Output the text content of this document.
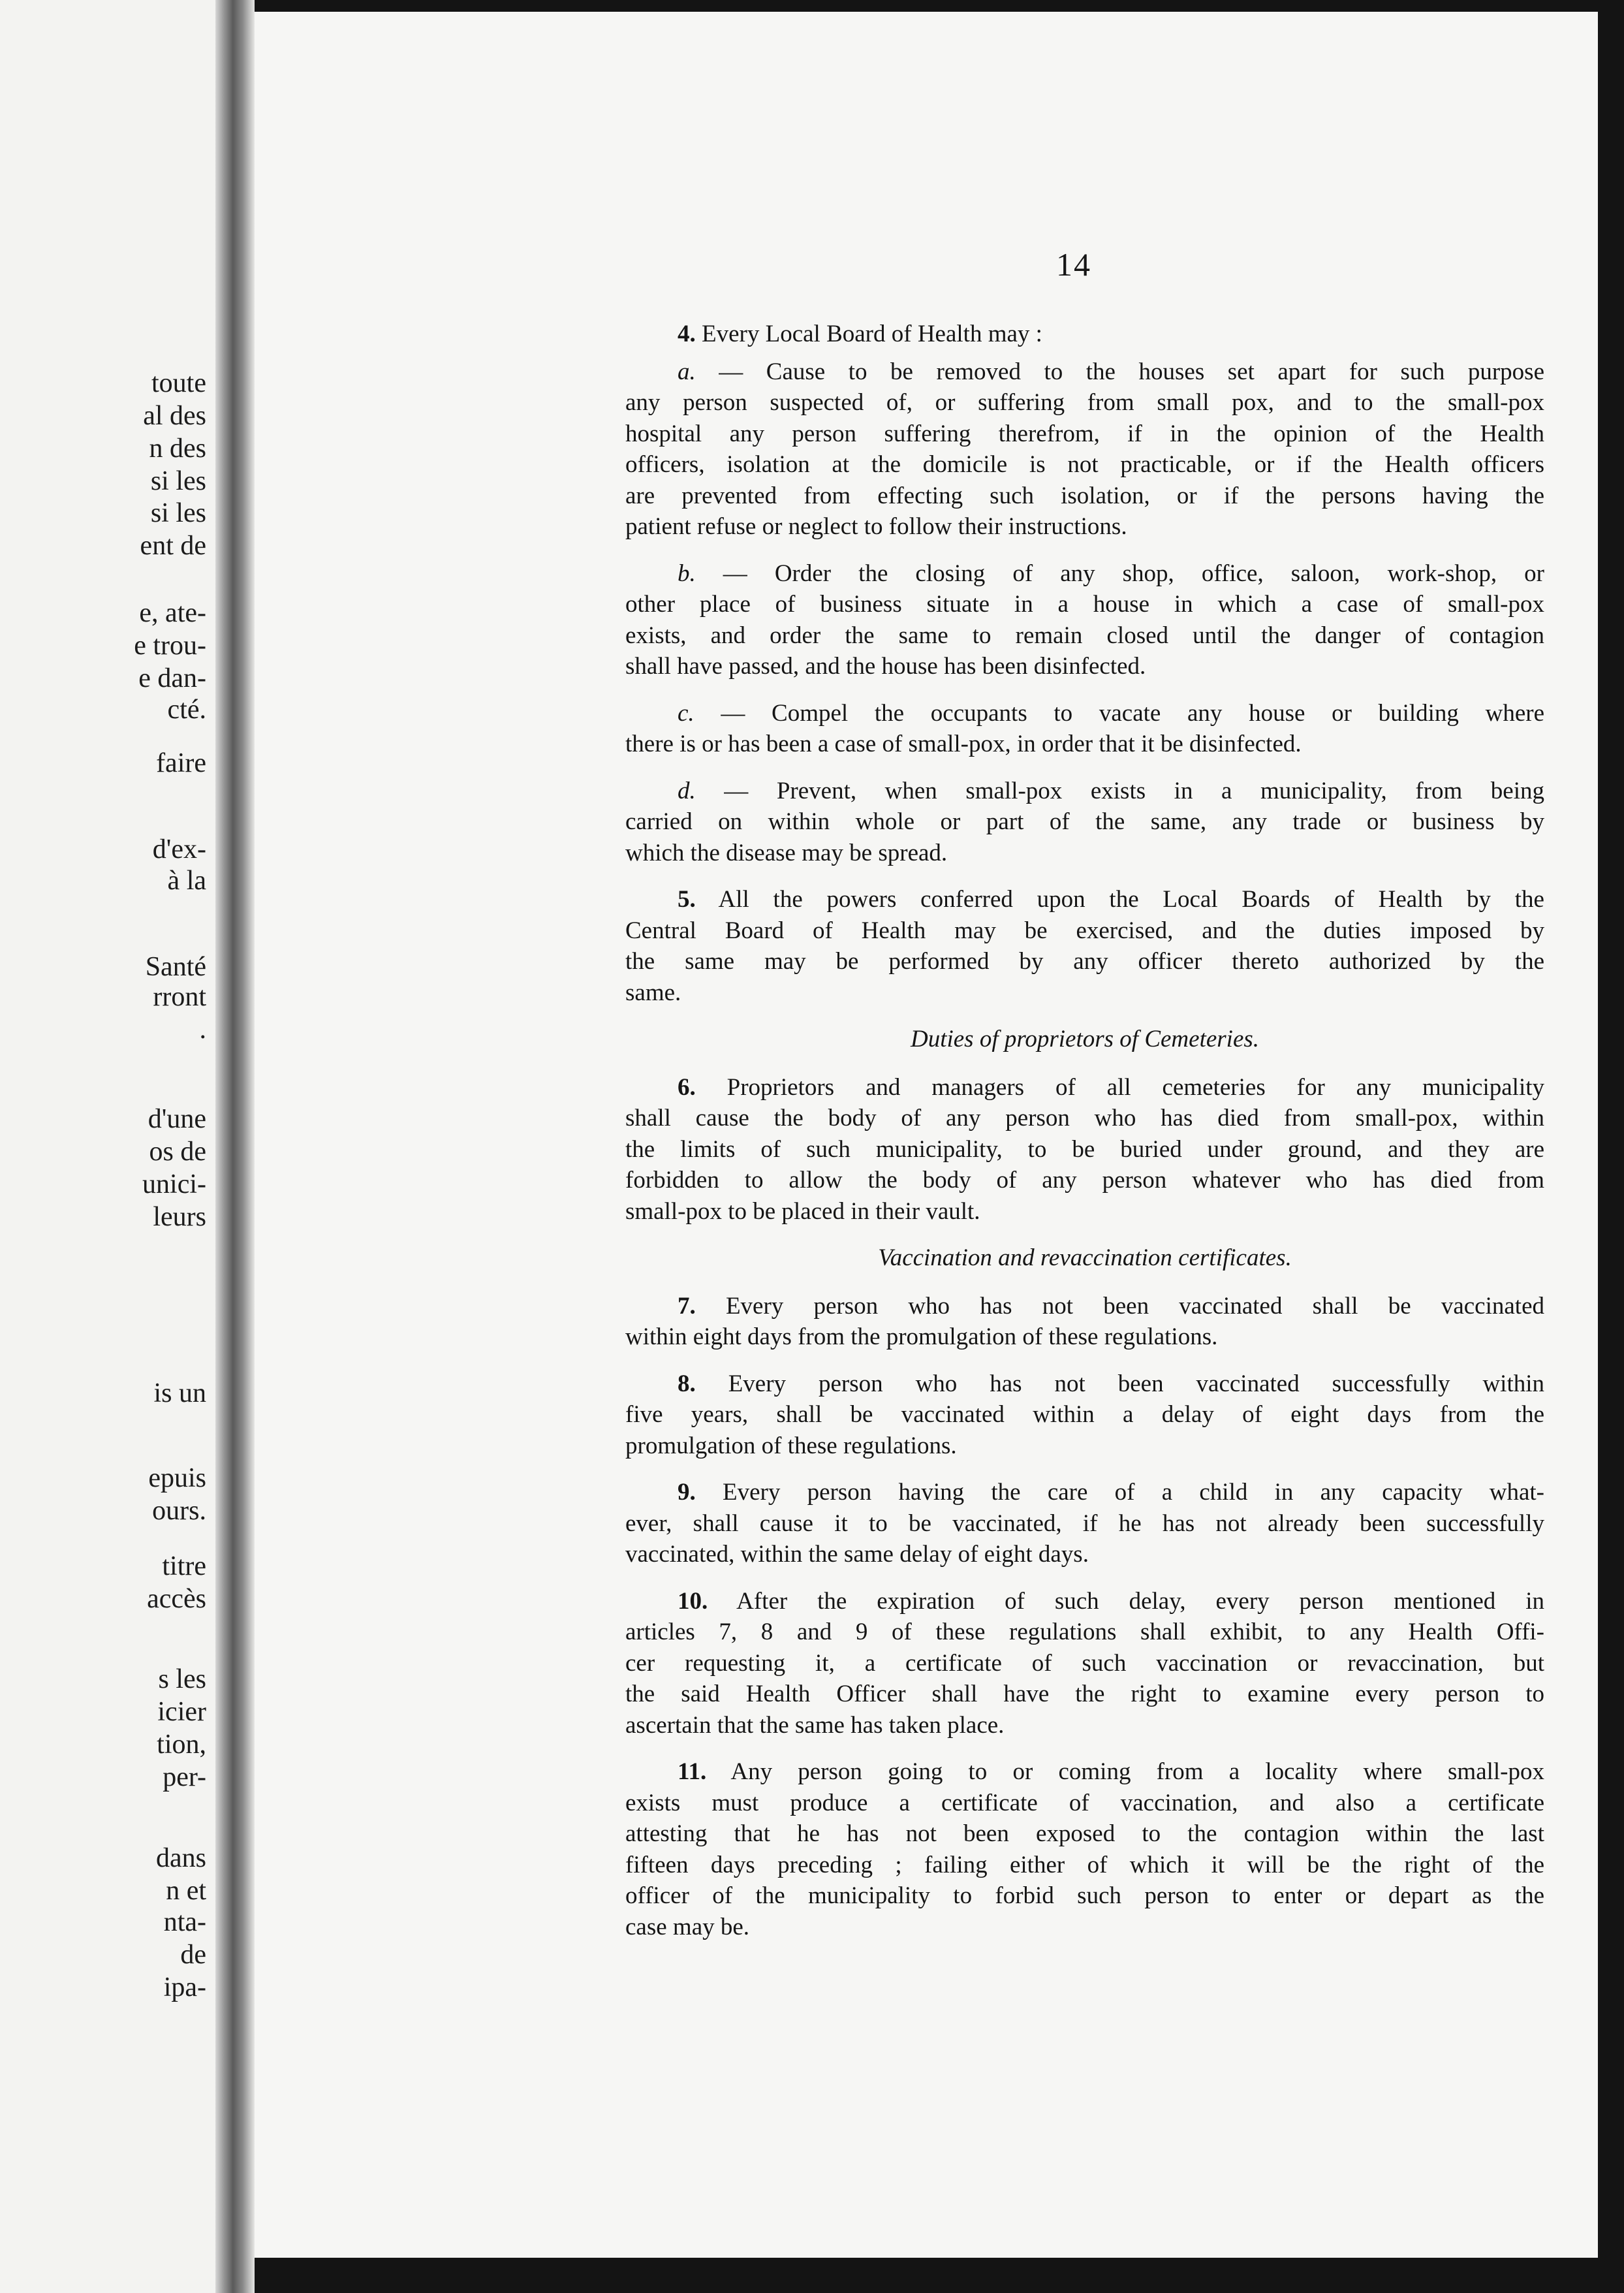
toute
al des
n des
si les
si les
ent de
e, ate-
e trou-
e dan-
cté.
faire
d'ex-
à la
Santé
rront
.
d'une
os de
unici-
leurs
is un
epuis
ours.
titre
accès
s les
icier
tion,
per-
dans
n et
nta-
de
ipa-
14
4. Every Local Board of Health may :
a. — Cause to be removed to the houses set apart for such purpose
any person suspected of, or suffering from small pox, and to the small-pox
hospital any person suffering therefrom, if in the opinion of the Health
officers, isolation at the domicile is not practicable, or if the Health officers
are prevented from effecting such isolation, or if the persons having the
patient refuse or neglect to follow their instructions.
b. — Order the closing of any shop, office, saloon, work-shop, or
other place of business situate in a house in which a case of small-pox
exists, and order the same to remain closed until the danger of contagion
shall have passed, and the house has been disinfected.
c. — Compel the occupants to vacate any house or building where
there is or has been a case of small-pox, in order that it be disinfected.
d. — Prevent, when small-pox exists in a municipality, from being
carried on within whole or part of the same, any trade or business by
which the disease may be spread.
5. All the powers conferred upon the Local Boards of Health by the
Central Board of Health may be exercised, and the duties imposed by
the same may be performed by any officer thereto authorized by the
same.
Duties of proprietors of Cemeteries.
6. Proprietors and managers of all cemeteries for any municipality
shall cause the body of any person who has died from small-pox, within
the limits of such municipality, to be buried under ground, and they are
forbidden to allow the body of any person whatever who has died from
small-pox to be placed in their vault.
Vaccination and revaccination certificates.
7. Every person who has not been vaccinated shall be vaccinated
within eight days from the promulgation of these regulations.
8. Every person who has not been vaccinated successfully within
five years, shall be vaccinated within a delay of eight days from the
promulgation of these regulations.
9. Every person having the care of a child in any capacity what-
ever, shall cause it to be vaccinated, if he has not already been successfully
vaccinated, within the same delay of eight days.
10. After the expiration of such delay, every person mentioned in
articles 7, 8 and 9 of these regulations shall exhibit, to any Health Offi-
cer requesting it, a certificate of such vaccination or revaccination, but
the said Health Officer shall have the right to examine every person to
ascertain that the same has taken place.
11. Any person going to or coming from a locality where small-pox
exists must produce a certificate of vaccination, and also a certificate
attesting that he has not been exposed to the contagion within the last
fifteen days preceding ; failing either of which it will be the right of the
officer of the municipality to forbid such person to enter or depart as the
case may be.
